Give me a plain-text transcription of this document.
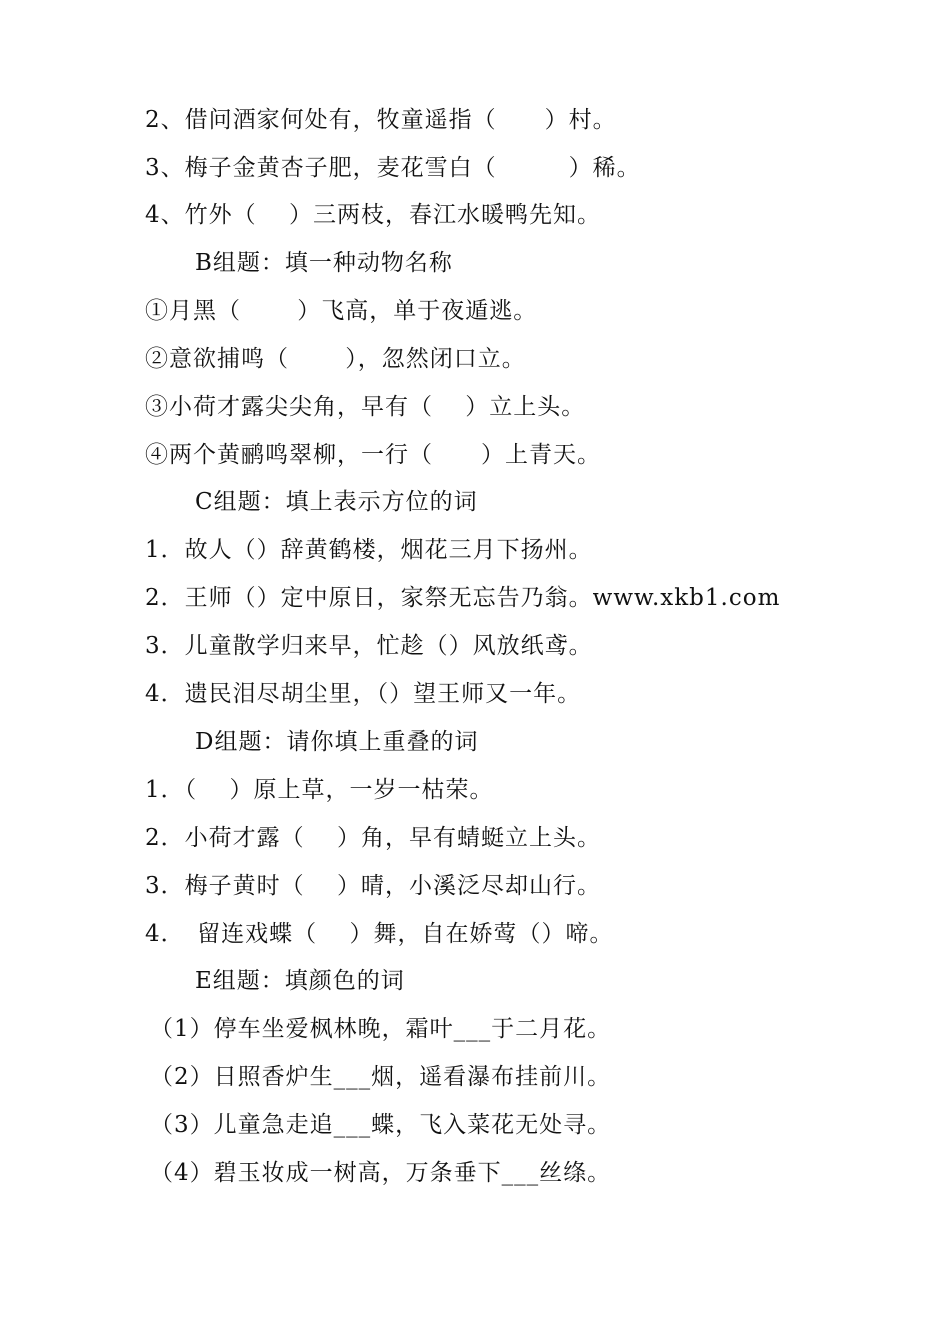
2、借问酒家何处有，牧童遥指（　　）村。
3、梅子金黄杏子肥，麦花雪白（　　　）稀。
4、竹外（　 ）三两枝，春江水暖鸭先知。
B组题：填一种动物名称
①月黑（　　 ）飞高，单于夜遁逃。
②意欲捕鸣（　　 ），忽然闭口立。
③小荷才露尖尖角，早有（　 ）立上头。
④两个黄鹂鸣翠柳，一行（　　）上青天。
C组题：填上表示方位的词
1．故人（）辞黄鹤楼，烟花三月下扬州。
2．王师（）定中原日，家祭无忘告乃翁。www.xkb1.com
3．儿童散学归来早，忙趁（）风放纸鸢。
4．遗民泪尽胡尘里，（）望王师又一年。
D组题：请你填上重叠的词
1．（　 ）原上草，一岁一枯荣。
2．小荷才露（　 ）角，早有蜻蜓立上头。
3．梅子黄时（　 ）晴，小溪泛尽却山行。
4．　留连戏蝶（　 ）舞，自在娇莺（）啼。
E组题：填颜色的词
（1）停车坐爱枫林晚，霜叶___于二月花。
（2）日照香炉生___烟，遥看瀑布挂前川。
（3）儿童急走追___蝶，飞入菜花无处寻。
（4）碧玉妆成一树高，万条垂下___丝绦。
